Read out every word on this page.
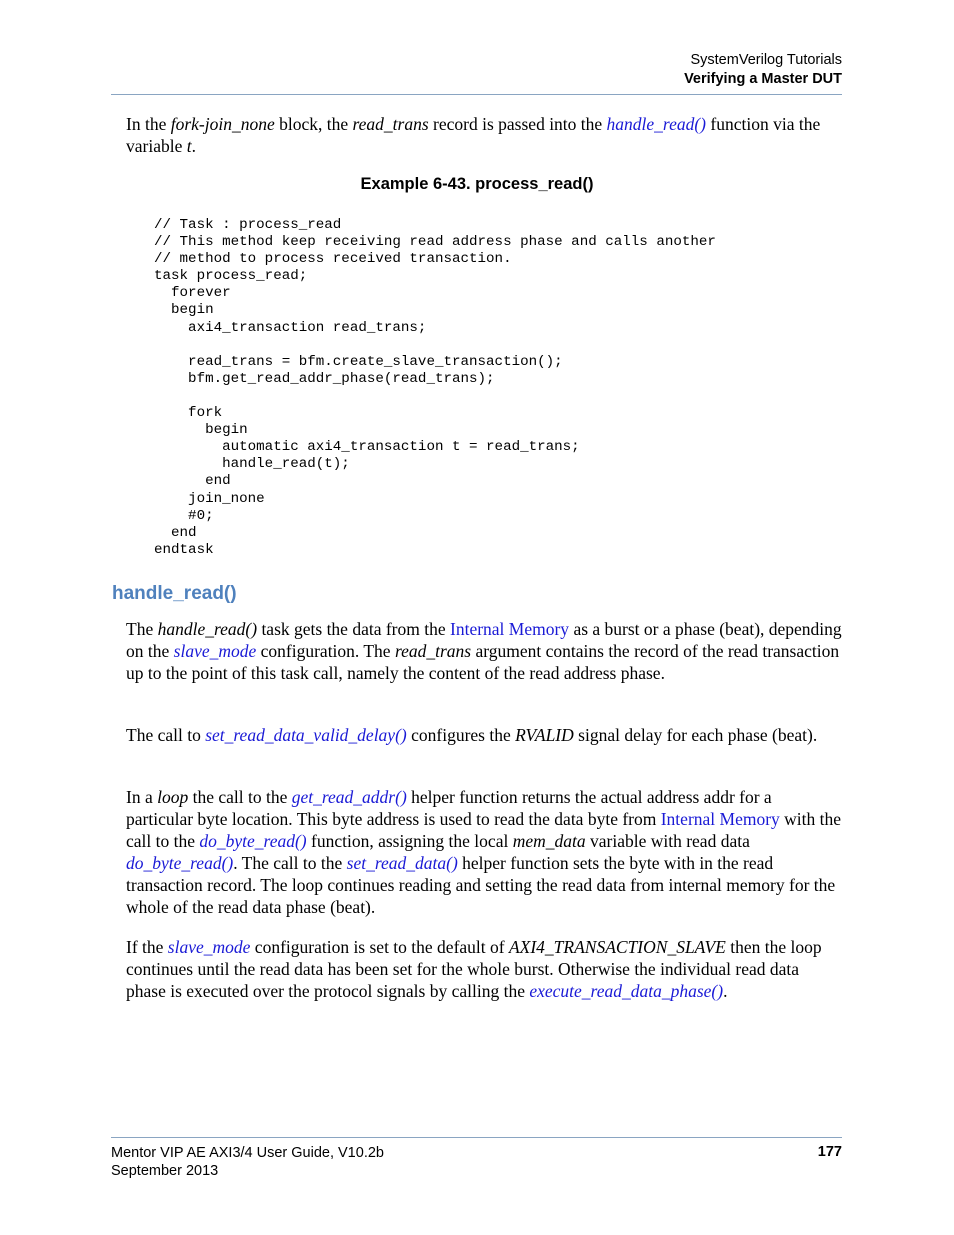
SystemVerilog Tutorials
Verifying a Master DUT

In the fork-join_none block, the read_trans record is passed into the handle_read() function via the variable t.

Example 6-43. process_read()

// Task : process_read
// This method keep receiving read address phase and calls another
// method to process received transaction.
task process_read;
forever
begin
axi4_transaction read_trans;

read_trans = bfm.create_slave_transaction();
bfm.get_read_addr_phase(read_trans);

fork
begin
automatic axi4_transaction t = read_trans;
handle_read(t);
end
join_none
#0;
end
endtask
handle_read()

The handle_read() task gets the data from the Internal Memory as a burst or a phase (beat), depending on the slave_mode configuration. The read_trans argument contains the record of the read transaction up to the point of this task call, namely the content of the read address phase.

The call to set_read_data_valid_delay() configures the RVALID signal delay for each phase (beat).

In a loop the call to the get_read_addr() helper function returns the actual address addr for a particular byte location. This byte address is used to read the data byte from Internal Memory with the call to the do_byte_read() function, assigning the local mem_data variable with read data do_byte_read(). The call to the set_read_data() helper function sets the byte with in the read transaction record. The loop continues reading and setting the read data from internal memory for the whole of the read data phase (beat).

If the slave_mode configuration is set to the default of AXI4_TRANSACTION_SLAVE then the loop continues until the read data has been set for the whole burst. Otherwise the individual read data phase is executed over the protocol signals by calling the execute_read_data_phase().

Mentor VIP AE AXI3/4 User Guide, V10.2b
September 2013
177
